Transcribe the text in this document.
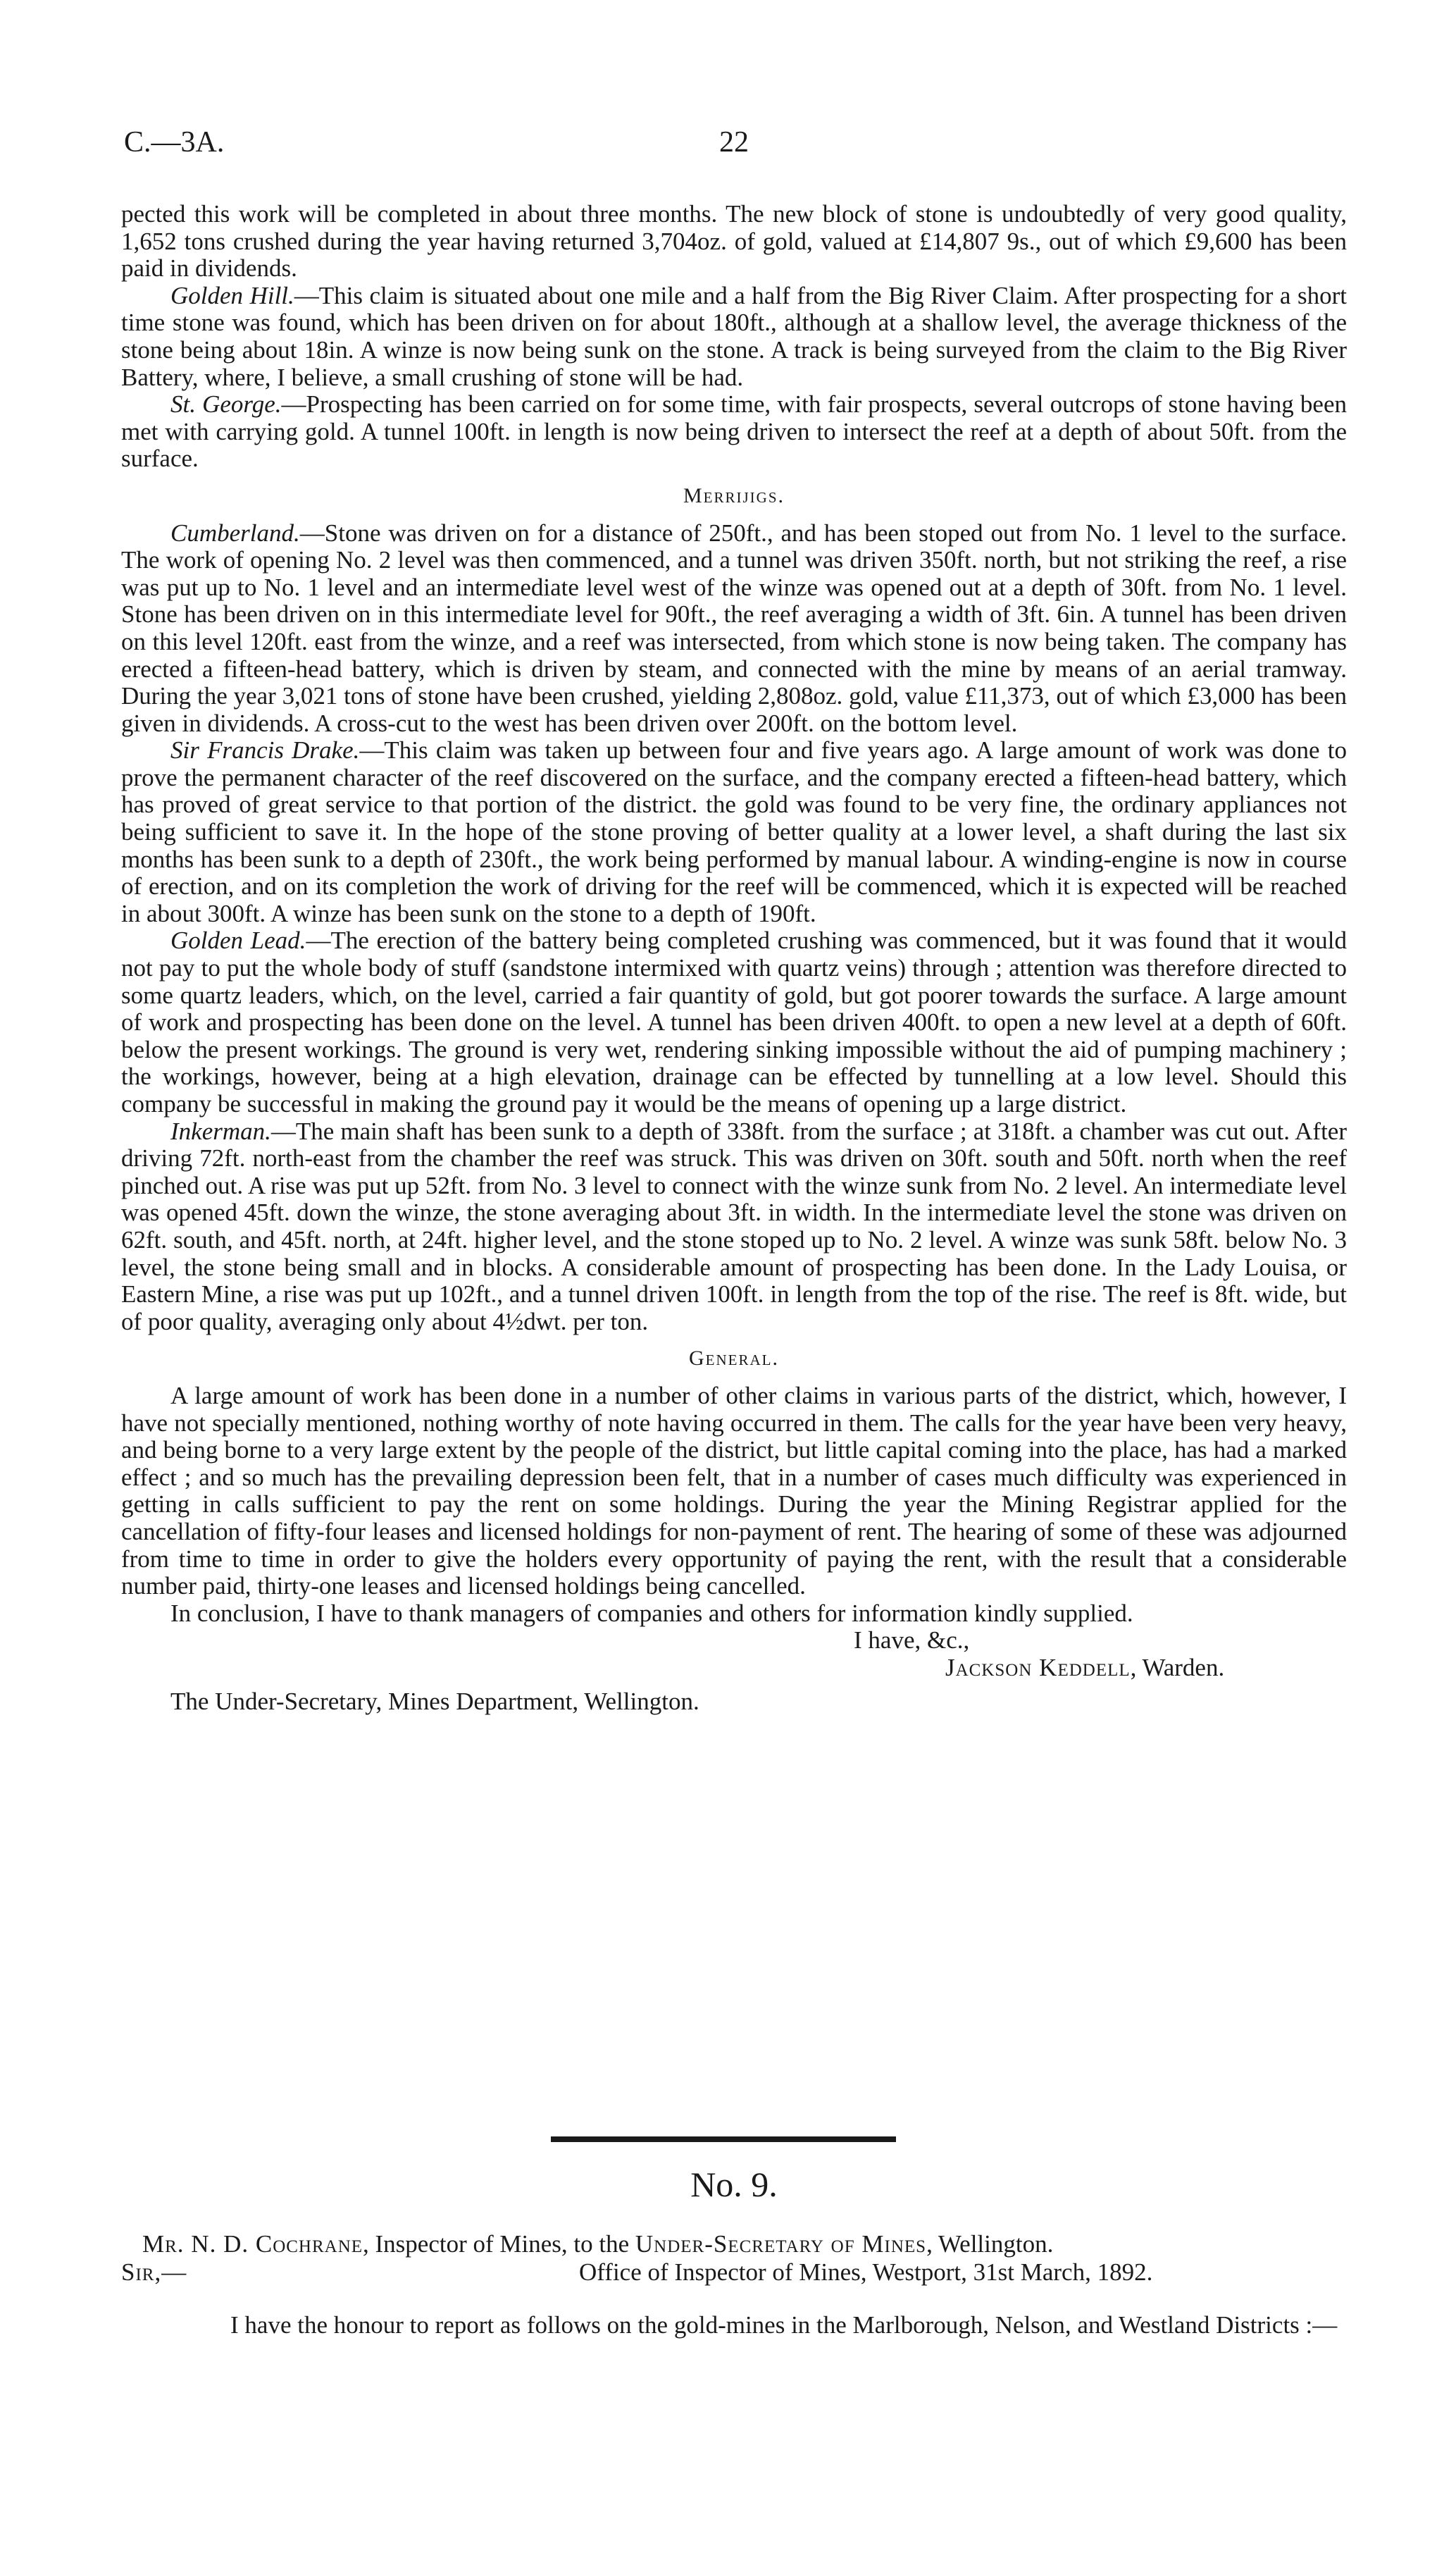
C.—3A.	22

pected this work will be completed in about three months. The new block of stone is undoubtedly of very good quality, 1,652 tons crushed during the year having returned 3,704oz. of gold, valued at £14,807 9s., out of which £9,600 has been paid in dividends.

Golden Hill.—This claim is situated about one mile and a half from the Big River Claim. After prospecting for a short time stone was found, which has been driven on for about 180ft., although at a shallow level, the average thickness of the stone being about 18in. A winze is now being sunk on the stone. A track is being surveyed from the claim to the Big River Battery, where, I believe, a small crushing of stone will be had.

St. George.—Prospecting has been carried on for some time, with fair prospects, several outcrops of stone having been met with carrying gold. A tunnel 100ft. in length is now being driven to intersect the reef at a depth of about 50ft. from the surface.

Merrijigs.

Cumberland.—Stone was driven on for a distance of 250ft., and has been stoped out from No. 1 level to the surface. The work of opening No. 2 level was then commenced, and a tunnel was driven 350ft. north, but not striking the reef, a rise was put up to No. 1 level and an intermediate level west of the winze was opened out at a depth of 30ft. from No. 1 level. Stone has been driven on in this intermediate level for 90ft., the reef averaging a width of 3ft. 6in. A tunnel has been driven on this level 120ft. east from the winze, and a reef was intersected, from which stone is now being taken. The company has erected a fifteen-head battery, which is driven by steam, and connected with the mine by means of an aerial tramway. During the year 3,021 tons of stone have been crushed, yielding 2,808oz. gold, value £11,373, out of which £3,000 has been given in dividends. A cross-cut to the west has been driven over 200ft. on the bottom level.

Sir Francis Drake.—This claim was taken up between four and five years ago. A large amount of work was done to prove the permanent character of the reef discovered on the surface, and the company erected a fifteen-head battery, which has proved of great service to that portion of the district. the gold was found to be very fine, the ordinary appliances not being sufficient to save it. In the hope of the stone proving of better quality at a lower level, a shaft during the last six months has been sunk to a depth of 230ft., the work being performed by manual labour. A winding-engine is now in course of erection, and on its completion the work of driving for the reef will be commenced, which it is expected will be reached in about 300ft. A winze has been sunk on the stone to a depth of 190ft.

Golden Lead.—The erection of the battery being completed crushing was commenced, but it was found that it would not pay to put the whole body of stuff (sandstone intermixed with quartz veins) through ; attention was therefore directed to some quartz leaders, which, on the level, carried a fair quantity of gold, but got poorer towards the surface. A large amount of work and prospecting has been done on the level. A tunnel has been driven 400ft. to open a new level at a depth of 60ft. below the present workings. The ground is very wet, rendering sinking impossible without the aid of pumping machinery ; the workings, however, being at a high elevation, drainage can be effected by tunnelling at a low level. Should this company be successful in making the ground pay it would be the means of opening up a large district.

Inkerman.—The main shaft has been sunk to a depth of 338ft. from the surface ; at 318ft. a chamber was cut out. After driving 72ft. north-east from the chamber the reef was struck. This was driven on 30ft. south and 50ft. north when the reef pinched out. A rise was put up 52ft. from No. 3 level to connect with the winze sunk from No. 2 level. An intermediate level was opened 45ft. down the winze, the stone averaging about 3ft. in width. In the intermediate level the stone was driven on 62ft. south, and 45ft. north, at 24ft. higher level, and the stone stoped up to No. 2 level. A winze was sunk 58ft. below No. 3 level, the stone being small and in blocks. A considerable amount of prospecting has been done. In the Lady Louisa, or Eastern Mine, a rise was put up 102ft., and a tunnel driven 100ft. in length from the top of the rise. The reef is 8ft. wide, but of poor quality, averaging only about 4½dwt. per ton.

General.

A large amount of work has been done in a number of other claims in various parts of the district, which, however, I have not specially mentioned, nothing worthy of note having occurred in them. The calls for the year have been very heavy, and being borne to a very large extent by the people of the district, but little capital coming into the place, has had a marked effect ; and so much has the prevailing depression been felt, that in a number of cases much difficulty was experienced in getting in calls sufficient to pay the rent on some holdings. During the year the Mining Registrar applied for the cancellation of fifty-four leases and licensed holdings for non-payment of rent. The hearing of some of these was adjourned from time to time in order to give the holders every opportunity of paying the rent, with the result that a considerable number paid, thirty-one leases and licensed holdings being cancelled.

In conclusion, I have to thank managers of companies and others for information kindly supplied.

I have, &c.,

Jackson Keddell, Warden.

The Under-Secretary, Mines Department, Wellington.

No. 9.

Mr. N. D. Cochrane, Inspector of Mines, to the Under-Secretary of Mines, Wellington.

Sir,—	Office of Inspector of Mines, Westport, 31st March, 1892.

I have the honour to report as follows on the gold-mines in the Marlborough, Nelson, and Westland Districts :—
